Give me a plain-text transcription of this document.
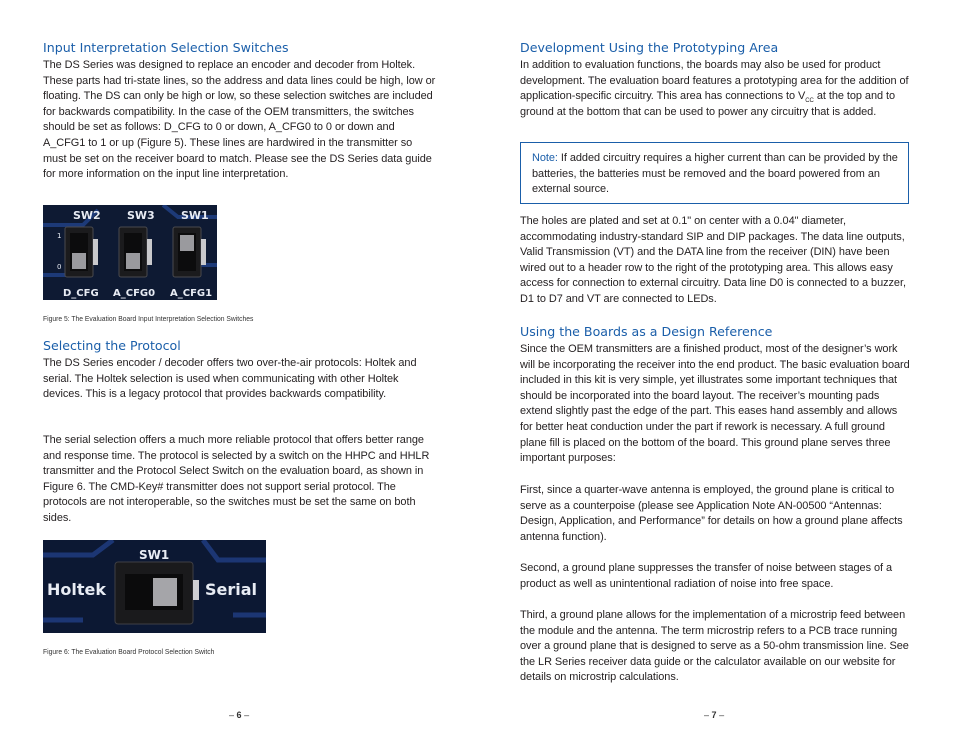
Input Interpretation Selection Switches

The DS Series was designed to replace an encoder and decoder from Holtek. These parts had tri-state lines, so the address and data lines could be high, low or floating. The DS can only be high or low, so these selection switches are included for backwards compatibility. In the case of the OEM transmitters, the switches should be set as follows: D_CFG to 0 or down, A_CFG0 to 0 or down and A_CFG1 to 1 or up (Figure 5). These lines are hardwired in the transmitter so must be set on the receiver board to match. Please see the DS Series data guide for more information on the input line interpretation.

SW2 SW3 SW1
D_CFG A_CFG0 A_CFG1
1
0
Figure 5: The Evaluation Board Input Interpretation Selection Switches
Selecting the Protocol

The DS Series encoder / decoder offers two over-the-air protocols: Holtek and serial. The Holtek selection is used when communicating with other Holtek devices. This is a legacy protocol that provides backwards compatibility.

The serial selection offers a much more reliable protocol that offers better range and response time. The protocol is selected by a switch on the HHPC and HHLR transmitter and the Protocol Select Switch on the evaluation board, as shown in Figure 6. The CMD-Key# transmitter does not support serial protocol. The protocols are not interoperable, so the switches must be set the same on both sides.

SW1
Holtek	Serial
Figure 6: The Evaluation Board Protocol Selection Switch
– 6 –
Development Using the Prototyping Area

In addition to evaluation functions, the boards may also be used for product development. The evaluation board features a prototyping area for the addition of application-specific circuitry. This area has connections to $V_{CC}$ at the top and to ground at the bottom that can be used to power any circuitry that is added.

Note: If added circuitry requires a higher current than can be provided by the batteries, the batteries must be removed and the board powered from an external source.

The holes are plated and set at 0.1" on center with a 0.04" diameter, accommodating industry-standard SIP and DIP packages. The data line outputs, Valid Transmission (VT) and the DATA line from the receiver (DIN) have been wired out to a header row to the right of the prototyping area. This allows easy access for connection to external circuitry. Data line D0 is connected to a buzzer, D1 to D7 and VT are connected to LEDs.

Using the Boards as a Design Reference

Since the OEM transmitters are a finished product, most of the designer’s work will be incorporating the receiver into the end product. The basic evaluation board included in this kit is very simple, yet illustrates some important techniques that should be incorporated into the board layout. The receiver’s mounting pads extend slightly past the edge of the part. This eases hand assembly and allows for better heat conduction under the part if rework is necessary. A full ground plane fill is placed on the bottom of the board. This ground plane serves three important purposes:

First, since a quarter-wave antenna is employed, the ground plane is critical to serve as a counterpoise (please see Application Note AN-00500 “Antennas: Design, Application, and Performance” for details on how a ground plane affects antenna function).

Second, a ground plane suppresses the transfer of noise between stages of a product as well as unintentional radiation of noise into free space.

Third, a ground plane allows for the implementation of a microstrip feed between the module and the antenna. The term microstrip refers to a PCB trace running over a ground plane that is designed to serve as a 50-ohm transmission line. See the LR Series receiver data guide or the calculator available on our website for details on microstrip calculations.

– 7 –
